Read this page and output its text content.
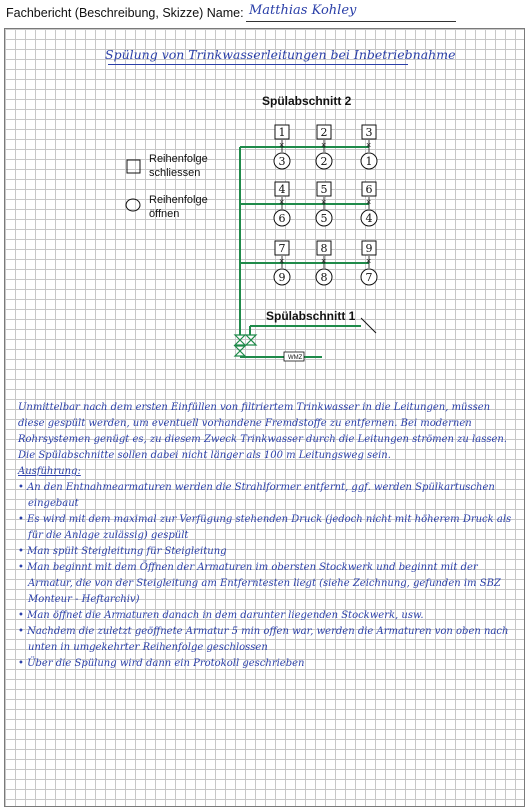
Fachbericht (Beschreibung, Skizze) Name: Matthias Kohley
Spülung von Trinkwasserleitungen bei Inbetriebnahme
Reihenfolge
schliessen
Reihenfolge
öffnen
Spülabschnitt 2
Spülabschnitt 1
WMZ
×
1
3
×
2
2
×
3
1
×
4
6
×
5
5
×
6
4
×
7
9
×
8
8
×
9
7

Unmittelbar nach dem ersten Einfüllen von filtriertem Trinkwasser in die Leitungen, müssen diese gespült werden, um eventuell vorhandene Fremdstoffe zu entfernen. Bei modernen Rohrsystemen genügt es, zu diesem Zweck Trinkwasser durch die Leitungen strömen zu lassen. Die Spülabschnitte sollen dabei nicht länger als 100 m Leitungsweg sein.

Ausführung:
• An den Entnahmearmaturen werden die Strahlformer entfernt, ggf. werden Spülkartuschen eingebaut
• Es wird mit dem maximal zur Verfügung stehenden Druck (jedoch nicht mit höherem Druck als für die Anlage zulässig) gespült
• Man spült Steigleitung für Steigleitung
• Man beginnt mit dem Öffnen der Armaturen im obersten Stockwerk und beginnt mit der Armatur, die von der Steigleitung am Entferntesten liegt (siehe Zeichnung, gefunden im SBZ Monteur - Heftarchiv)
• Man öffnet die Armaturen danach in dem darunter liegenden Stockwerk, usw.
• Nachdem die zuletzt geöffnete Armatur 5 min offen war, werden die Armaturen von oben nach unten in umgekehrter Reihenfolge geschlossen
• Über die Spülung wird dann ein Protokoll geschrieben
